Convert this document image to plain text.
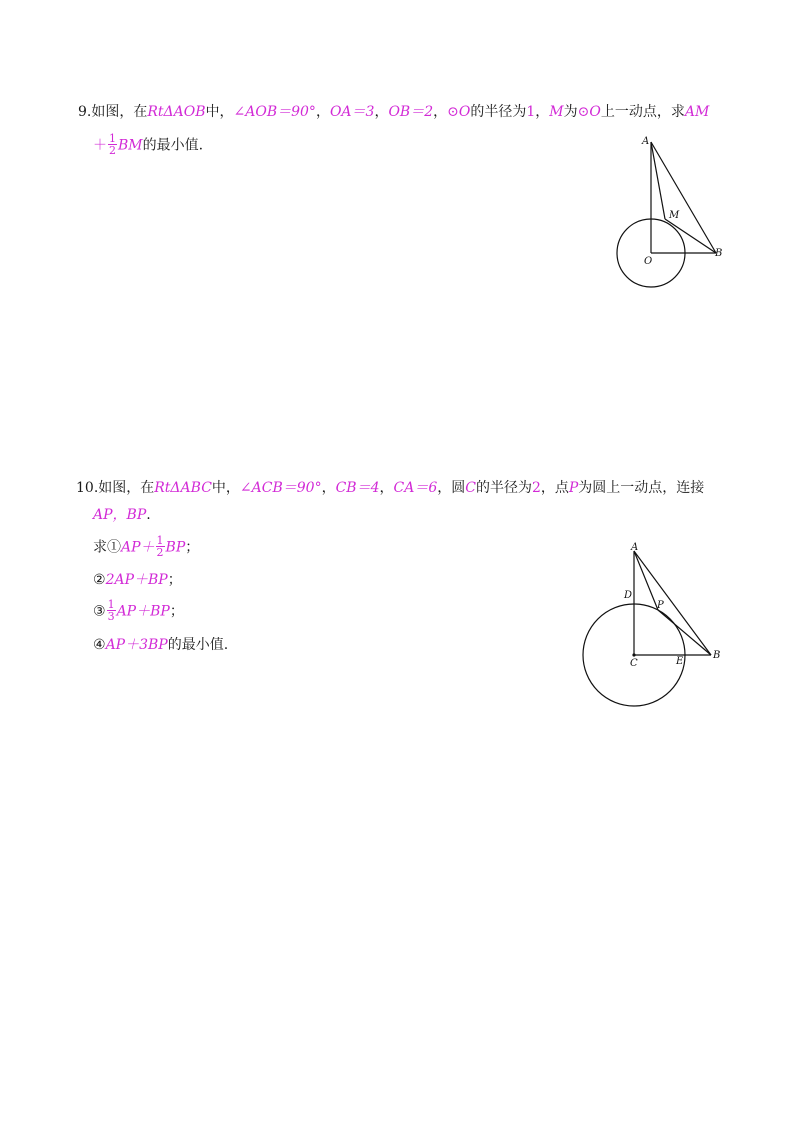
9.如图，在RtΔAOB中，∠AOB＝90°，OA＝3，OB＝2，⊙O的半径为1，M为⊙O上一动点，求AM
＋ $\frac{1}{2}$ BM的最小值.	A
M
O
B
10.如图，在RtΔABC中，∠ACB＝90°，CB＝4，CA＝6，圆C的半径为2，点P为圆上一动点，连接
AP，BP.
求①AP＋ $\frac{1}{2}$ BP；
②2AP＋BP；
③ $\frac{1}{3} AP+BP$；
④AP＋3BP的最小值.
A
D
P
C	E
B
